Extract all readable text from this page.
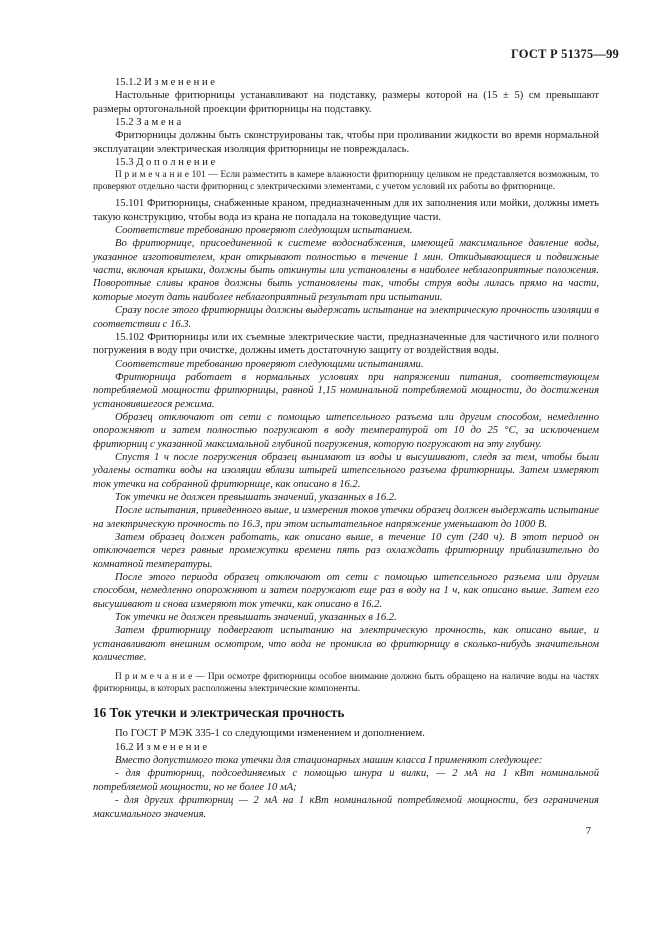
ГОСТ Р 51375—99

15.1.2 И з м е н е н и е

Настольные фритюрницы устанавливают на подставку, размеры которой на (15 ± 5) см превышают размеры ортогональной проекции фритюрницы на подставку.

15.2 З а м е н а

Фритюрницы должны быть сконструированы так, чтобы при проливании жидкости во время нормальной эксплуатации электрическая изоляция фритюрницы не повреждалась.

15.3 Д о п о л н е н и е

П р и м е ч а н и е 101 — Если разместить в камере влажности фритюрницу целиком не представляется возможным, то проверяют отдельно части фритюрниц с электрическими элементами, с учетом условий их работы во фритюрнице.

15.101 Фритюрницы, снабженные краном, предназначенным для их заполнения или мойки, должны иметь такую конструкцию, чтобы вода из крана не попадала на токоведущие части.

Соответствие требованию проверяют следующим испытанием.

Во фритюрнице, присоединенной к системе водоснабжения, имеющей максимальное давление воды, указанное изготовителем, кран открывают полностью в течение 1 мин. Откидывающиеся и подвижные части, включая крышки, должны быть откинуты или установлены в наиболее неблагоприятные положения. Поворотные сливы кранов должны быть установлены так, чтобы струя воды лилась прямо на части, которые могут дать наиболее неблагоприятный результат при испытании.

Сразу после этого фритюрницы должны выдержать испытание на электрическую прочность изоляции в соответствии с 16.3.

15.102 Фритюрницы или их съемные электрические части, предназначенные для частичного или полного погружения в воду при очистке, должны иметь достаточную защиту от воздействия воды.

Соответствие требованию проверяют следующими испытаниями.

Фритюрница работает в нормальных условиях при напряжении питания, соответствующем потребляемой мощности фритюрницы, равной 1,15 номинальной потребляемой мощности, до достижения установившегося режима.

Образец отключают от сети с помощью штепсельного разъема или другим способом, немедленно опорожняют и затем полностью погружают в воду температурой от 10 до 25 °С, за исключением фритюрниц с указанной максимальной глубиной погружения, которую погружают на эту глубину.

Спустя 1 ч после погружения образец вынимают из воды и высушивают, следя за тем, чтобы были удалены остатки воды на изоляции вблизи штырей штепсельного разъема фритюрницы. Затем измеряют ток утечки на собранной фритюрнице, как описано в 16.2.

Ток утечки не должен превышать значений, указанных в 16.2.

После испытания, приведенного выше, и измерения токов утечки образец должен выдержать испытание на электрическую прочность по 16.3, при этом испытательное напряжение уменьшают до 1000 В.

Затем образец должен работать, как описано выше, в течение 10 сут (240 ч). В этот период он отключается через равные промежутки времени пять раз охлаждать фритюрницу приблизительно до комнатной температуры.

После этого периода образец отключают от сети с помощью штепсельного разъема или другим способом, немедленно опорожняют и затем погружают еще раз в воду на 1 ч, как описано выше. Затем его высушивают и снова измеряют ток утечки, как описано в 16.2.

Ток утечки не должен превышать значений, указанных в 16.2.

Затем фритюрницу подвергают испытанию на электрическую прочность, как описано выше, и устанавливают внешним осмотром, что вода не проникла во фритюрницу в сколько-нибудь значительном количестве.

П р и м е ч а н и е — При осмотре фритюрницы особое внимание должно быть обращено на наличие воды на частях фритюрницы, в которых расположены электрические компоненты.

16 Ток утечки и электрическая прочность

По ГОСТ Р МЭК 335-1 со следующими изменением и дополнением.

16.2 И з м е н е н и е

Вместо допустимого тока утечки для стационарных машин класса I применяют следующее:

- для фритюрниц, подсоединяемых с помощью шнура и вилки, — 2 мА на 1 кВт номинальной потребляемой мощности, но не более 10 мА;

- для других фритюрниц — 2 мА на 1 кВт номинальной потребляемой мощности, без ограничения максимального значения.

7
